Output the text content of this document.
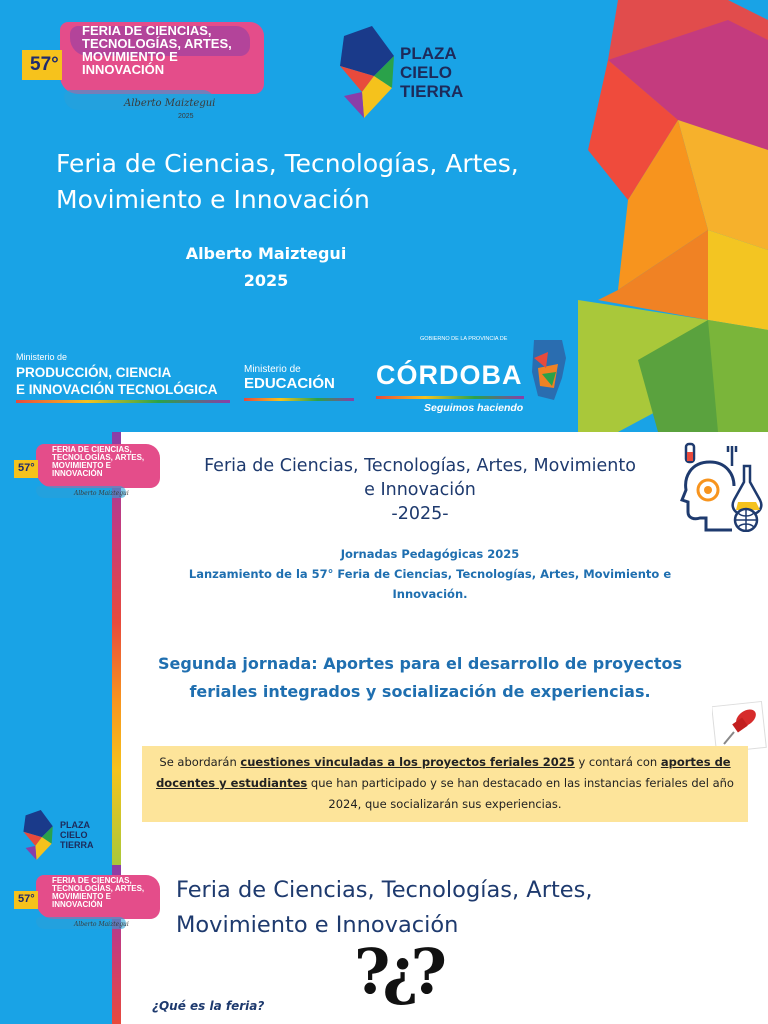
57°
FERIA DE CIENCIAS,
TECNOLOGÍAS, ARTES,
MOVIMIENTO E
INNOVACIÓN
Alberto Maiztegui
2025
PLAZA
CIELO
TIERRA
Feria de Ciencias, Tecnologías, Artes, Movimiento e Innovación
Alberto Maiztegui
2025
Ministerio de
PRODUCCIÓN, CIENCIA
E INNOVACIÓN TECNOLÓGICA
Ministerio de
EDUCACIÓN
GOBIERNO DE LA PROVINCIA DE
CÓRDOBA
Seguimos haciendo
57°
FERIA DE CIENCIAS,
TECNOLOGÍAS, ARTES,
MOVIMIENTO E
INNOVACIÓN
Alberto Maiztegui
PLAZA
CIELO
TIERRA
Feria de Ciencias, Tecnologías, Artes, Movimiento
e Innovación
-2025-
Jornadas Pedagógicas 2025
Lanzamiento de la 57° Feria de Ciencias, Tecnologías, Artes, Movimiento e
Innovación.
Segunda jornada: Aportes para el desarrollo de proyectos
feriales integrados y socialización de experiencias.
Se abordarán cuestiones vinculadas a los proyectos feriales 2025 y contará con aportes de docentes y estudiantes que han participado y se han destacado en las instancias feriales del año 2024, que socializarán sus experiencias.
57°
FERIA DE CIENCIAS,
TECNOLOGÍAS, ARTES,
MOVIMIENTO E
INNOVACIÓN
Alberto Maiztegui
Feria de Ciencias, Tecnologías, Artes, Movimiento e Innovación
?¿?
¿Qué es la feria?
